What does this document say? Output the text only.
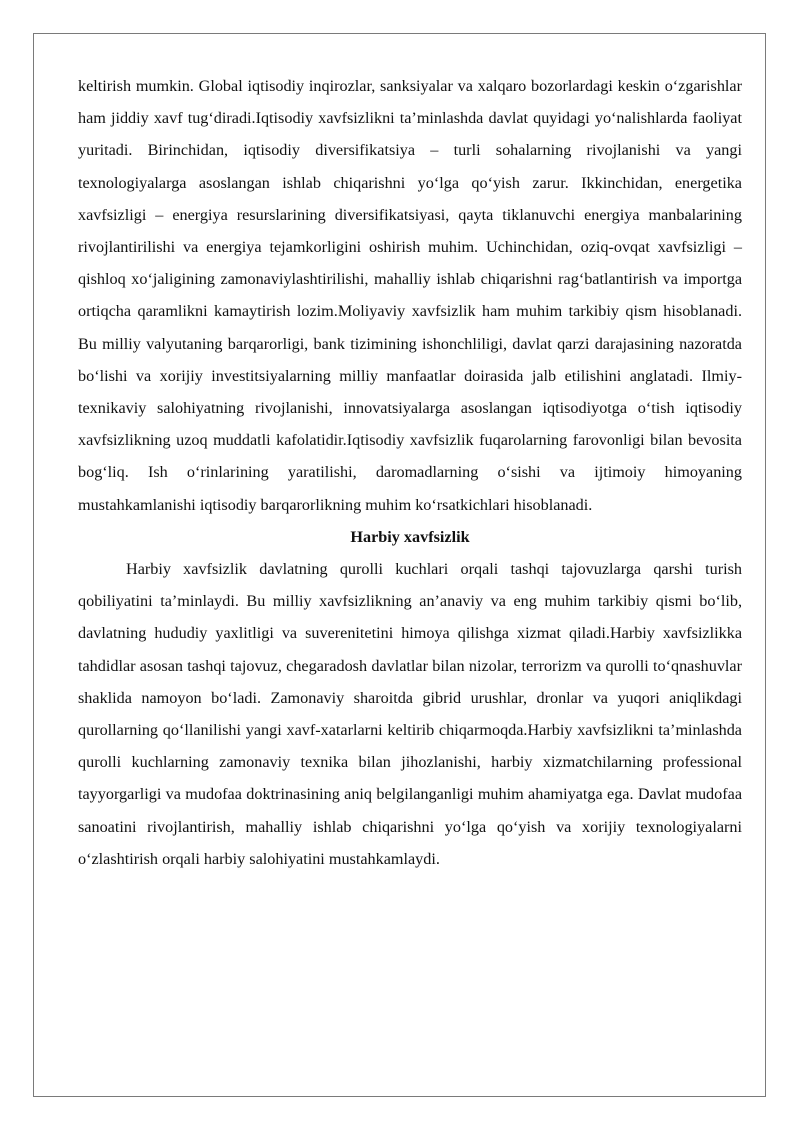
keltirish mumkin. Global iqtisodiy inqirozlar, sanksiyalar va xalqaro bozorlardagi keskin o‘zgarishlar ham jiddiy xavf tug‘diradi.Iqtisodiy xavfsizlikni ta’minlashda davlat quyidagi yo‘nalishlarda faoliyat yuritadi. Birinchidan, iqtisodiy diversifikatsiya – turli sohalarning rivojlanishi va yangi texnologiyalarga asoslangan ishlab chiqarishni yo‘lga qo‘yish zarur. Ikkinchidan, energetika xavfsizligi – energiya resurslarining diversifikatsiyasi, qayta tiklanuvchi energiya manbalarining rivojlantirilishi va energiya tejamkorligini oshirish muhim. Uchinchidan, oziq-ovqat xavfsizligi – qishloq xo‘jaligining zamonaviylashtirilishi, mahalliy ishlab chiqarishni rag‘batlantirish va importga ortiqcha qaramlikni kamaytirish lozim.Moliyaviy xavfsizlik ham muhim tarkibiy qism hisoblanadi. Bu milliy valyutaning barqarorligi, bank tizimining ishonchliligi, davlat qarzi darajasining nazoratda bo‘lishi va xorijiy investitsiyalarning milliy manfaatlar doirasida jalb etilishini anglatadi. Ilmiy-texnikaviy salohiyatning rivojlanishi, innovatsiyalarga asoslangan iqtisodiyotga o‘tish iqtisodiy xavfsizlikning uzoq muddatli kafolatidir.Iqtisodiy xavfsizlik fuqarolarning farovonligi bilan bevosita bog‘liq. Ish o‘rinlarining yaratilishi, daromadlarning o‘sishi va ijtimoiy himoyaning mustahkamlanishi iqtisodiy barqarorlikning muhim ko‘rsatkichlari hisoblanadi.

Harbiy xavfsizlik

Harbiy xavfsizlik davlatning qurolli kuchlari orqali tashqi tajovuzlarga qarshi turish qobiliyatini ta’minlaydi. Bu milliy xavfsizlikning an’anaviy va eng muhim tarkibiy qismi bo‘lib, davlatning hududiy yaxlitligi va suverenitetini himoya qilishga xizmat qiladi.Harbiy xavfsizlikka tahdidlar asosan tashqi tajovuz, chegaradosh davlatlar bilan nizolar, terrorizm va qurolli to‘qnashuvlar shaklida namoyon bo‘ladi. Zamonaviy sharoitda gibrid urushlar, dronlar va yuqori aniqlikdagi qurollarning qo‘llanilishi yangi xavf-xatarlarni keltirib chiqarmoqda.Harbiy xavfsizlikni ta’minlashda qurolli kuchlarning zamonaviy texnika bilan jihozlanishi, harbiy xizmatchilarning professional tayyorgarligi va mudofaa doktrinasining aniq belgilanganligi muhim ahamiyatga ega. Davlat mudofaa sanoatini rivojlantirish, mahalliy ishlab chiqarishni yo‘lga qo‘yish va xorijiy texnologiyalarni o‘zlashtirish orqali harbiy salohiyatini mustahkamlaydi.
